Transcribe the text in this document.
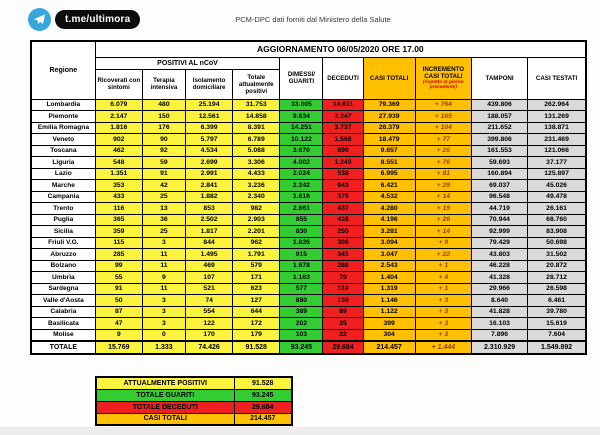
t.me/ultimora	PCM-DPC dati forniti dal Ministero della Salute
Regione	AGGIORNAMENTO 06/05/2020 ORE 17.00									
	POSITIVI AL nCoV				DIMESSI/ GUARITI	DECEDUTI	CASI TOTALI	INCREMENTO CASI TOTALI
(rispetto al giorno precedente)	TAMPONI	CASI TESTATI
	Ricoverati con sintomi	Terapia intensiva	Isolamento domiciliare	Totale attualmente positivi						
Lombardia	6.079	480	25.194	31.753	33.005	14.611	79.369	+ 764	439.806	262.964
Piemonte	2.147	150	12.561	14.858	9.834	3.247	27.939	+ 165	188.057	131.269
Emilia Romagna	1.816	176	6.399	8.391	14.251	3.737	26.379	+ 104	211.652	138.871
Veneto	902	90	5.797	6.789	10.122	1.568	18.479	+ 77	399.806	231.469
Toscana	462	92	4.534	5.088	3.670	899	9.657	+ 26	161.553	121.066
Liguria	548	59	2.699	3.306	4.002	1.243	8.551	+ 76	59.693	37.177
Lazio	1.351	91	2.991	4.433	2.024	538	6.995	+ 81	160.894	125.897
Marche	353	42	2.841	3.236	2.242	943	6.421	+ 29	69.037	45.026
Campania	433	25	1.882	2.340	1.816	376	4.532	+ 14	96.548	49.478
Trento	116	13	853	982	2.861	437	4.280	+ 19	44.719	26.161
Puglia	365	36	2.502	2.903	855	438	4.196	+ 26	70.944	68.760
Sicilia	359	25	1.817	2.201	830	250	3.281	+ 14	92.999	83.908
Friuli V.G.	115	3	844	962	1.826	306	3.094	+ 9	79.429	50.698
Abruzzo	285	11	1.495	1.791	915	341	3.047	+ 22	43.803	31.502
Bolzano	99	11	469	579	1.678	286	2.543	+ 1	46.228	20.872
Umbria	55	9	107	171	1.163	70	1.404	+ 4	41.328	28.712
Sardegna	91	11	521	623	577	119	1.319	+ 1	29.966	26.598
Valle d'Aosta	50	3	74	127	880	139	1.146	+ 3	8.640	6.461
Calabria	87	3	554	644	389	89	1.122	+ 3	41.828	39.780
Basilicata	47	3	122	172	202	25	399	+ 3	16.103	15.619
Molise	9	0	170	179	103	22	304	+ 3	7.896	7.604
TOTALE	15.769	1.333	74.426	91.528	93.245	29.684	214.457	+ 1.444	2.310.929	1.549.892
ATTUALMENTE POSITIVI	91.528
TOTALE GUARITI	93.245
TOTALE DECEDUTI	29.684
CASI TOTALI	214.457
